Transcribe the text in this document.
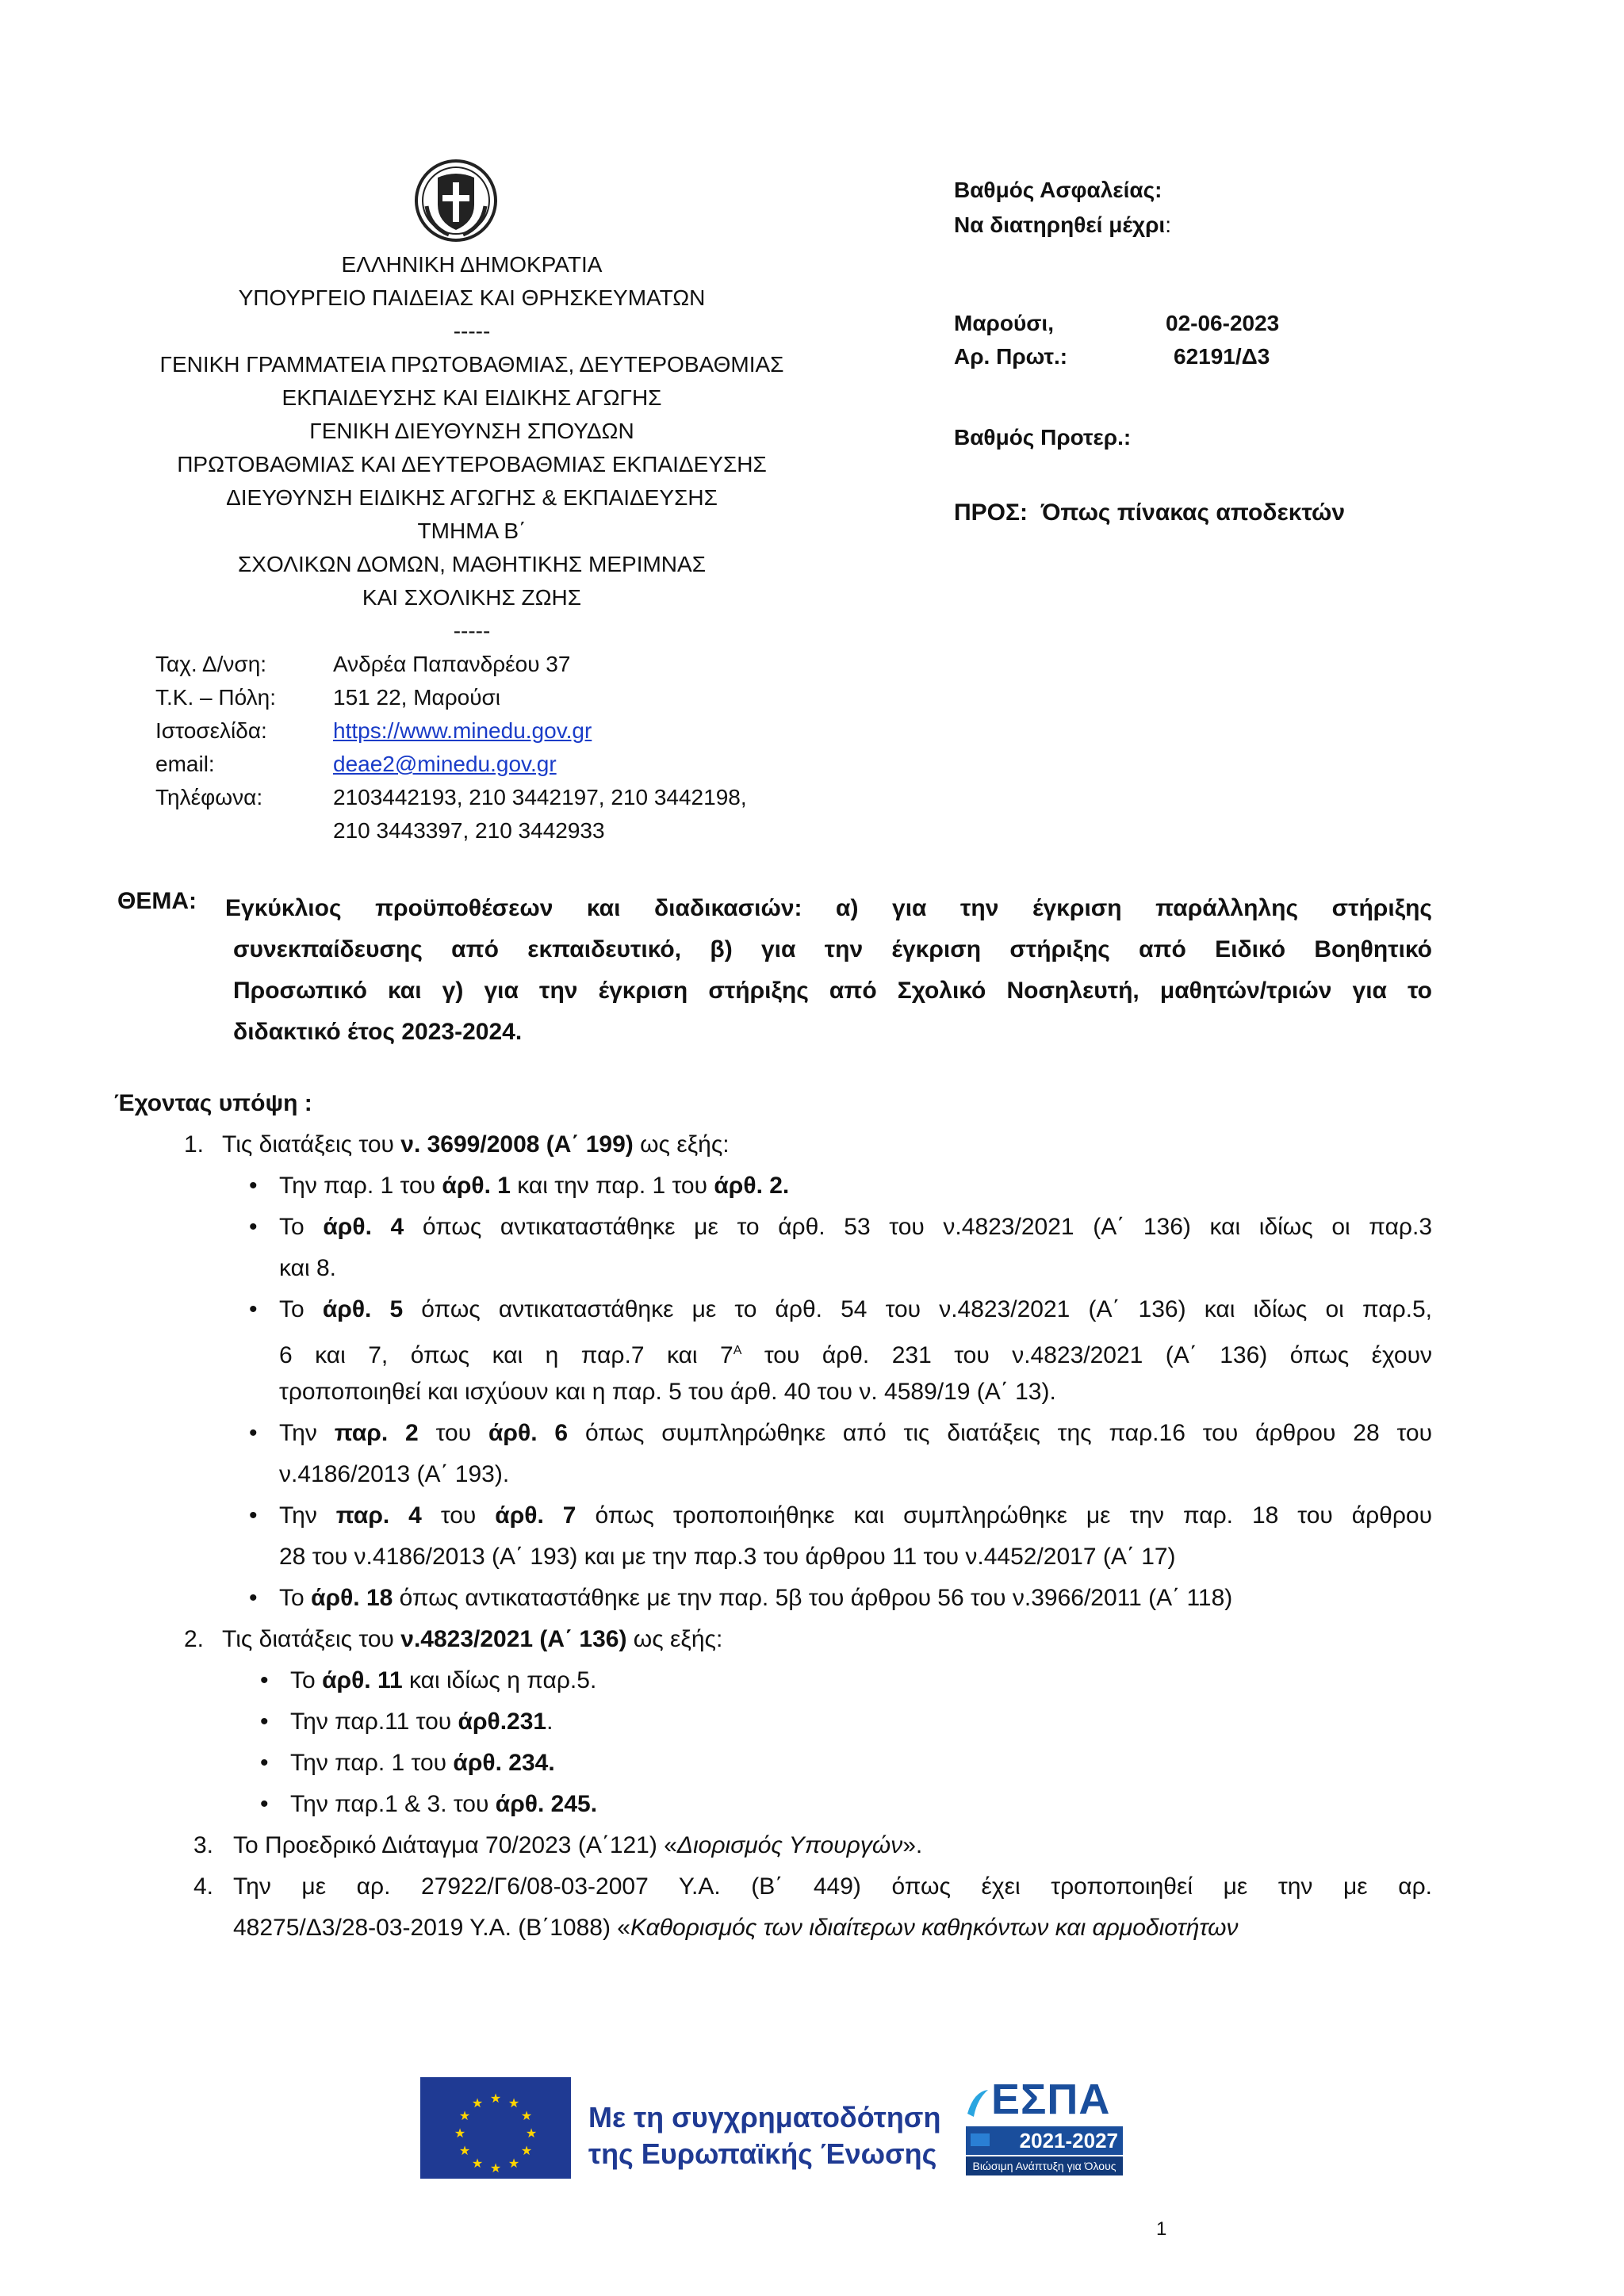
ΕΛΛΗΝΙΚΗ ΔΗΜΟΚΡΑΤΙΑ
ΥΠΟΥΡΓΕΙΟ ΠΑΙΔΕΙΑΣ ΚΑΙ ΘΡΗΣΚΕΥΜΑΤΩΝ
-----
ΓΕΝΙΚΗ ΓΡΑΜΜΑΤΕΙΑ ΠΡΩΤΟΒΑΘΜΙΑΣ, ΔΕΥΤΕΡΟΒΑΘΜΙΑΣ
ΕΚΠΑΙΔΕΥΣΗΣ ΚΑΙ ΕΙΔΙΚΗΣ ΑΓΩΓΗΣ
ΓΕΝΙΚΗ ΔΙΕΥΘΥΝΣΗ ΣΠΟΥΔΩΝ
ΠΡΩΤΟΒΑΘΜΙΑΣ ΚΑΙ ΔΕΥΤΕΡΟΒΑΘΜΙΑΣ ΕΚΠΑΙΔΕΥΣΗΣ
ΔΙΕΥΘΥΝΣΗ ΕΙΔΙΚΗΣ ΑΓΩΓΗΣ & ΕΚΠΑΙΔΕΥΣΗΣ
ΤΜΗΜΑ Β΄
ΣΧΟΛΙΚΩΝ ΔΟΜΩΝ, ΜΑΘΗΤΙΚΗΣ ΜΕΡΙΜΝΑΣ
ΚΑΙ ΣΧΟΛΙΚΗΣ ΖΩΗΣ
-----
Ταχ. Δ/νση:	Ανδρέα Παπανδρέου 37
Τ.Κ. – Πόλη:	151 22, Μαρούσι
Ιστοσελίδα:	https://www.minedu.gov.gr
email:	deae2@minedu.gov.gr
Τηλέφωνα:	2103442193, 210 3442197, 210 3442198,
210 3443397, 210 3442933
Βαθμός Ασφαλείας:
Να διατηρηθεί μέχρι:
Μαρούσι,	02-06-2023
Αρ. Πρωτ.:	62191/Δ3
Βαθμός Προτερ.:
ΠΡΟΣ: Όπως πίνακας αποδεκτών
ΘΕΜΑ: Εγκύκλιος προϋποθέσεων και διαδικασιών: α) για την έγκριση παράλληλης στήριξης
συνεκπαίδευσης από εκπαιδευτικό, β) για την έγκριση στήριξης από Ειδικό Βοηθητικό
Προσωπικό και γ) για την έγκριση στήριξης από Σχολικό Νοσηλευτή, μαθητών/τριών για το
διδακτικό έτος 2023-2024.
Έχοντας υπόψη :
1. Τις διατάξεις του ν. 3699/2008 (Α΄ 199) ως εξής:
• Την παρ. 1 του άρθ. 1 και την παρ. 1 του άρθ. 2.
• Το άρθ. 4 όπως αντικαταστάθηκε με το άρθ. 53 του ν.4823/2021 (Α΄ 136) και ιδίως οι παρ.3
και 8.
• Το άρθ. 5 όπως αντικαταστάθηκε με το άρθ. 54 του ν.4823/2021 (Α΄ 136) και ιδίως οι παρ.5,
6 και 7, όπως και η παρ.7 και $7^A$ του άρθ. 231 του ν.4823/2021 (Α΄ 136) όπως έχουν
τροποποιηθεί και ισχύουν και η παρ. 5 του άρθ. 40 του ν. 4589/19 (Α΄ 13).
• Την παρ. 2 του άρθ. 6 όπως συμπληρώθηκε από τις διατάξεις της παρ.16 του άρθρου 28 του
ν.4186/2013 (Α΄ 193).
• Την παρ. 4 του άρθ. 7 όπως τροποποιήθηκε και συμπληρώθηκε με την παρ. 18 του άρθρου
28 του ν.4186/2013 (Α΄ 193) και με την παρ.3 του άρθρου 11 του ν.4452/2017 (Α΄ 17)
• Το άρθ. 18 όπως αντικαταστάθηκε με την παρ. 5β του άρθρου 56 του ν.3966/2011 (Α΄ 118)
2. Τις διατάξεις του ν.4823/2021 (Α΄ 136) ως εξής:
• Το άρθ. 11 και ιδίως η παρ.5.
• Την παρ.11 του άρθ.231.
• Την παρ. 1 του άρθ. 234.
• Την παρ.1 & 3. του άρθ. 245.
3. Το Προεδρικό Διάταγμα 70/2023 (Α΄121) «Διορισμός Υπουργών».
4. Την με αρ. 27922/Γ6/08-03-2007 Υ.Α. (Β΄ 449) όπως έχει τροποποιηθεί με την με αρ.
48275/Δ3/28-03-2019 Υ.Α. (Β΄1088) «Καθορισμός των ιδιαίτερων καθηκόντων και αρμοδιοτήτων
★ ★
★
★
★
★
★
★
★
★
★
★	Με τη συγχρηματοδότηση
της Ευρωπαϊκής Ένωσης
ΕΣΠΑ
2021-2027
Βιώσιμη Ανάπτυξη για Όλους
1
